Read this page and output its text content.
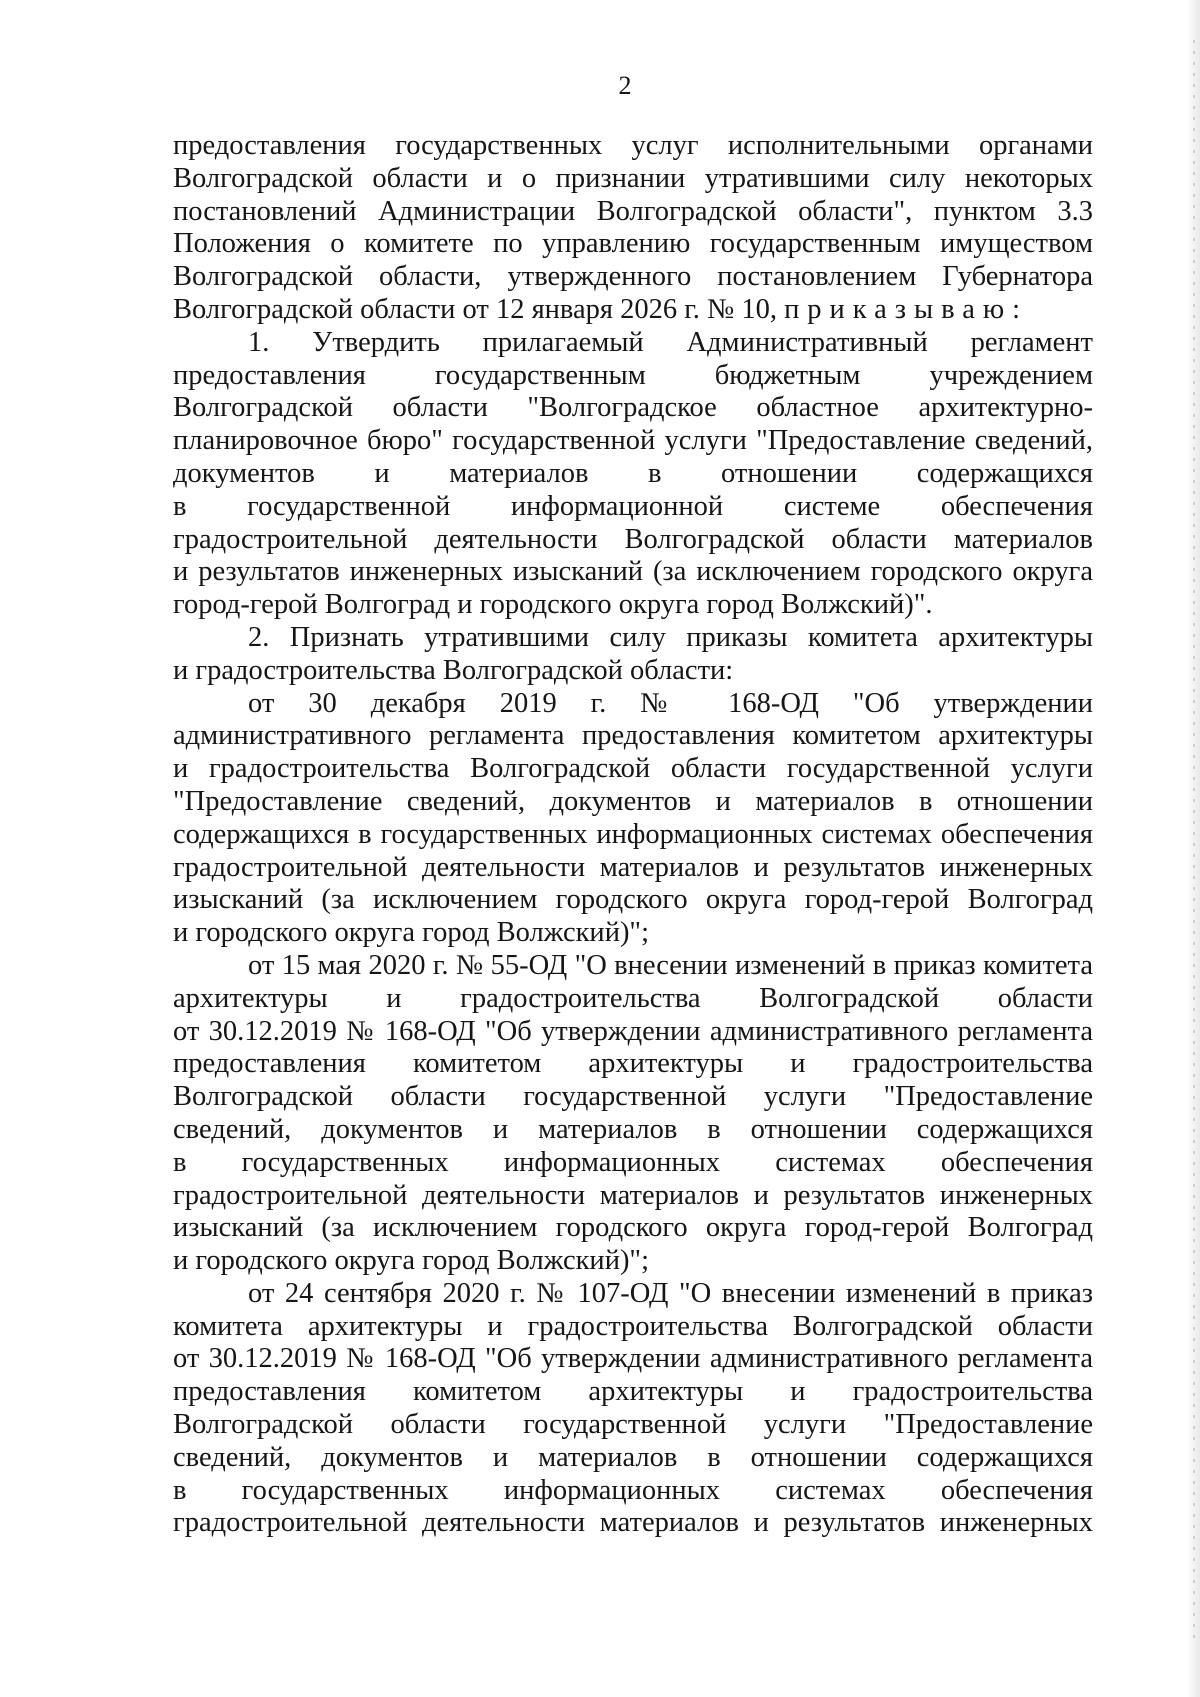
2
предоставления государственных услуг исполнительными органами
Волгоградской области и о признании утратившими силу некоторых
постановлений Администрации Волгоградской области", пунктом 3.3
Положения о комитете по управлению государственным имуществом
Волгоградской области, утвержденного постановлением Губернатора
Волгоградской области от 12 января 2026 г. № 10, приказываю:
1. Утвердить прилагаемый Административный регламент
предоставления государственным бюджетным учреждением
Волгоградской области "Волгоградское областное архитектурно-
планировочное бюро" государственной услуги "Предоставление сведений,
документов и материалов в отношении содержащихся
в государственной информационной системе обеспечения
градостроительной деятельности Волгоградской области материалов
и результатов инженерных изысканий (за исключением городского округа
город-герой Волгоград и городского округа город Волжский)".
2. Признать утратившими силу приказы комитета архитектуры
и градостроительства Волгоградской области:
от 30 декабря 2019 г. № 168-ОД "Об утверждении
административного регламента предоставления комитетом архитектуры
и градостроительства Волгоградской области государственной услуги
"Предоставление сведений, документов и материалов в отношении
содержащихся в государственных информационных системах обеспечения
градостроительной деятельности материалов и результатов инженерных
изысканий (за исключением городского округа город-герой Волгоград
и городского округа город Волжский)";
от 15 мая 2020 г. № 55-ОД "О внесении изменений в приказ комитета
архитектуры и градостроительства Волгоградской области
от 30.12.2019 № 168-ОД "Об утверждении административного регламента
предоставления комитетом архитектуры и градостроительства
Волгоградской области государственной услуги "Предоставление
сведений, документов и материалов в отношении содержащихся
в государственных информационных системах обеспечения
градостроительной деятельности материалов и результатов инженерных
изысканий (за исключением городского округа город-герой Волгоград
и городского округа город Волжский)";
от 24 сентября 2020 г. № 107-ОД "О внесении изменений в приказ
комитета архитектуры и градостроительства Волгоградской области
от 30.12.2019 № 168-ОД "Об утверждении административного регламента
предоставления комитетом архитектуры и градостроительства
Волгоградской области государственной услуги "Предоставление
сведений, документов и материалов в отношении содержащихся
в государственных информационных системах обеспечения
градостроительной деятельности материалов и результатов инженерных
